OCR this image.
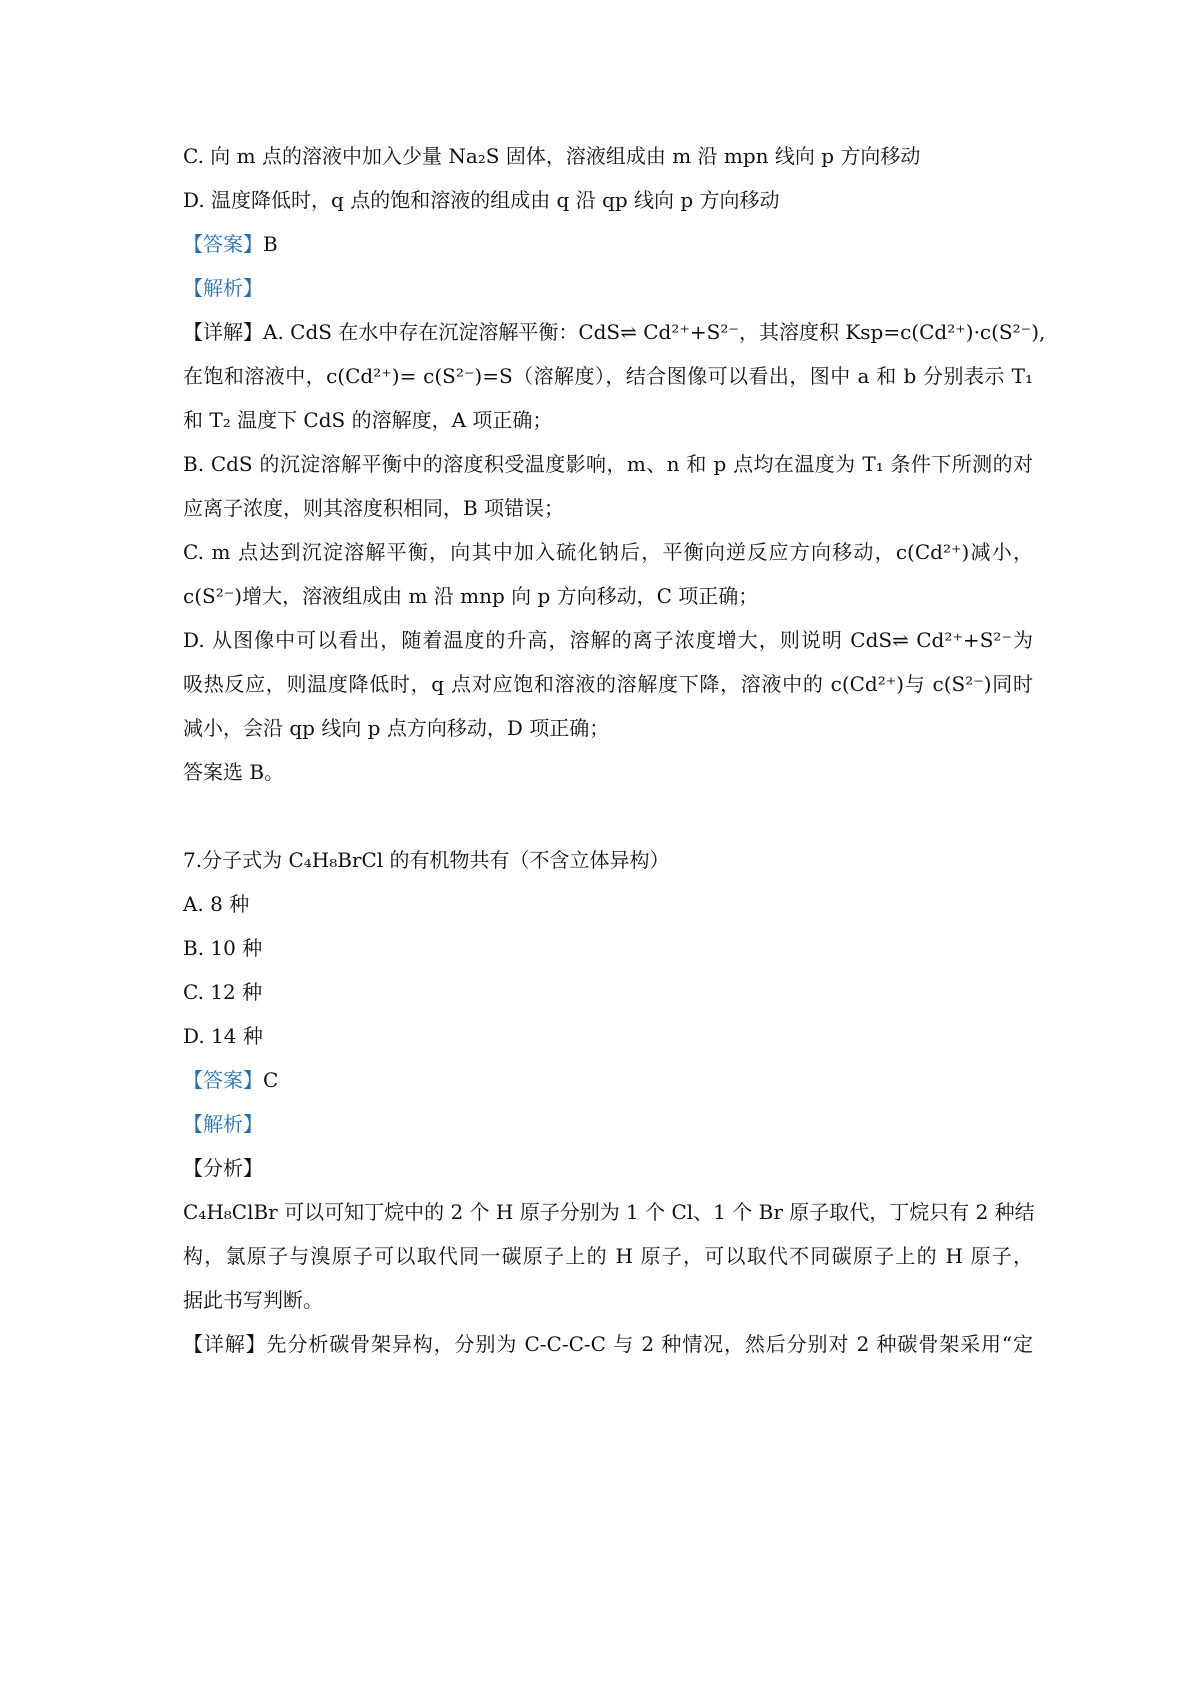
C. 向 m 点的溶液中加入少量 Na₂S 固体，溶液组成由 m 沿 mpn 线向 p 方向移动
D. 温度降低时，q 点的饱和溶液的组成由 q 沿 qp 线向 p 方向移动
【答案】B
【解析】
【详解】A. CdS 在水中存在沉淀溶解平衡：CdS⇌ Cd²⁺+S²⁻，其溶度积 Ksp=c(Cd²⁺)·c(S²⁻),
在饱和溶液中，c(Cd²⁺)= c(S²⁻)=S（溶解度），结合图像可以看出，图中 a 和 b 分别表示 T₁
和 T₂ 温度下 CdS 的溶解度，A 项正确；
B. CdS 的沉淀溶解平衡中的溶度积受温度影响，m、n 和 p 点均在温度为 T₁ 条件下所测的对
应离子浓度，则其溶度积相同，B 项错误；
C. m 点达到沉淀溶解平衡，向其中加入硫化钠后，平衡向逆反应方向移动，c(Cd²⁺)减小，
c(S²⁻)增大，溶液组成由 m 沿 mnp 向 p 方向移动，C 项正确；
D. 从图像中可以看出，随着温度的升高，溶解的离子浓度增大，则说明 CdS⇌ Cd²⁺+S²⁻为
吸热反应，则温度降低时，q 点对应饱和溶液的溶解度下降，溶液中的 c(Cd²⁺)与 c(S²⁻)同时
减小，会沿 qp 线向 p 点方向移动，D 项正确；
答案选 B。
7.分子式为 C₄H₈BrCl 的有机物共有（不含立体异构）
A. 8 种
B. 10 种
C. 12 种
D. 14 种
【答案】C
【解析】
【分析】
C₄H₈ClBr 可以可知丁烷中的 2 个 H 原子分别为 1 个 Cl、1 个 Br 原子取代，丁烷只有 2 种结
构，氯原子与溴原子可以取代同一碳原子上的 H 原子，可以取代不同碳原子上的 H 原子，
据此书写判断。
【详解】先分析碳骨架异构，分别为 C-C-C-C 与 2 种情况，然后分别对 2 种碳骨架采用“定
